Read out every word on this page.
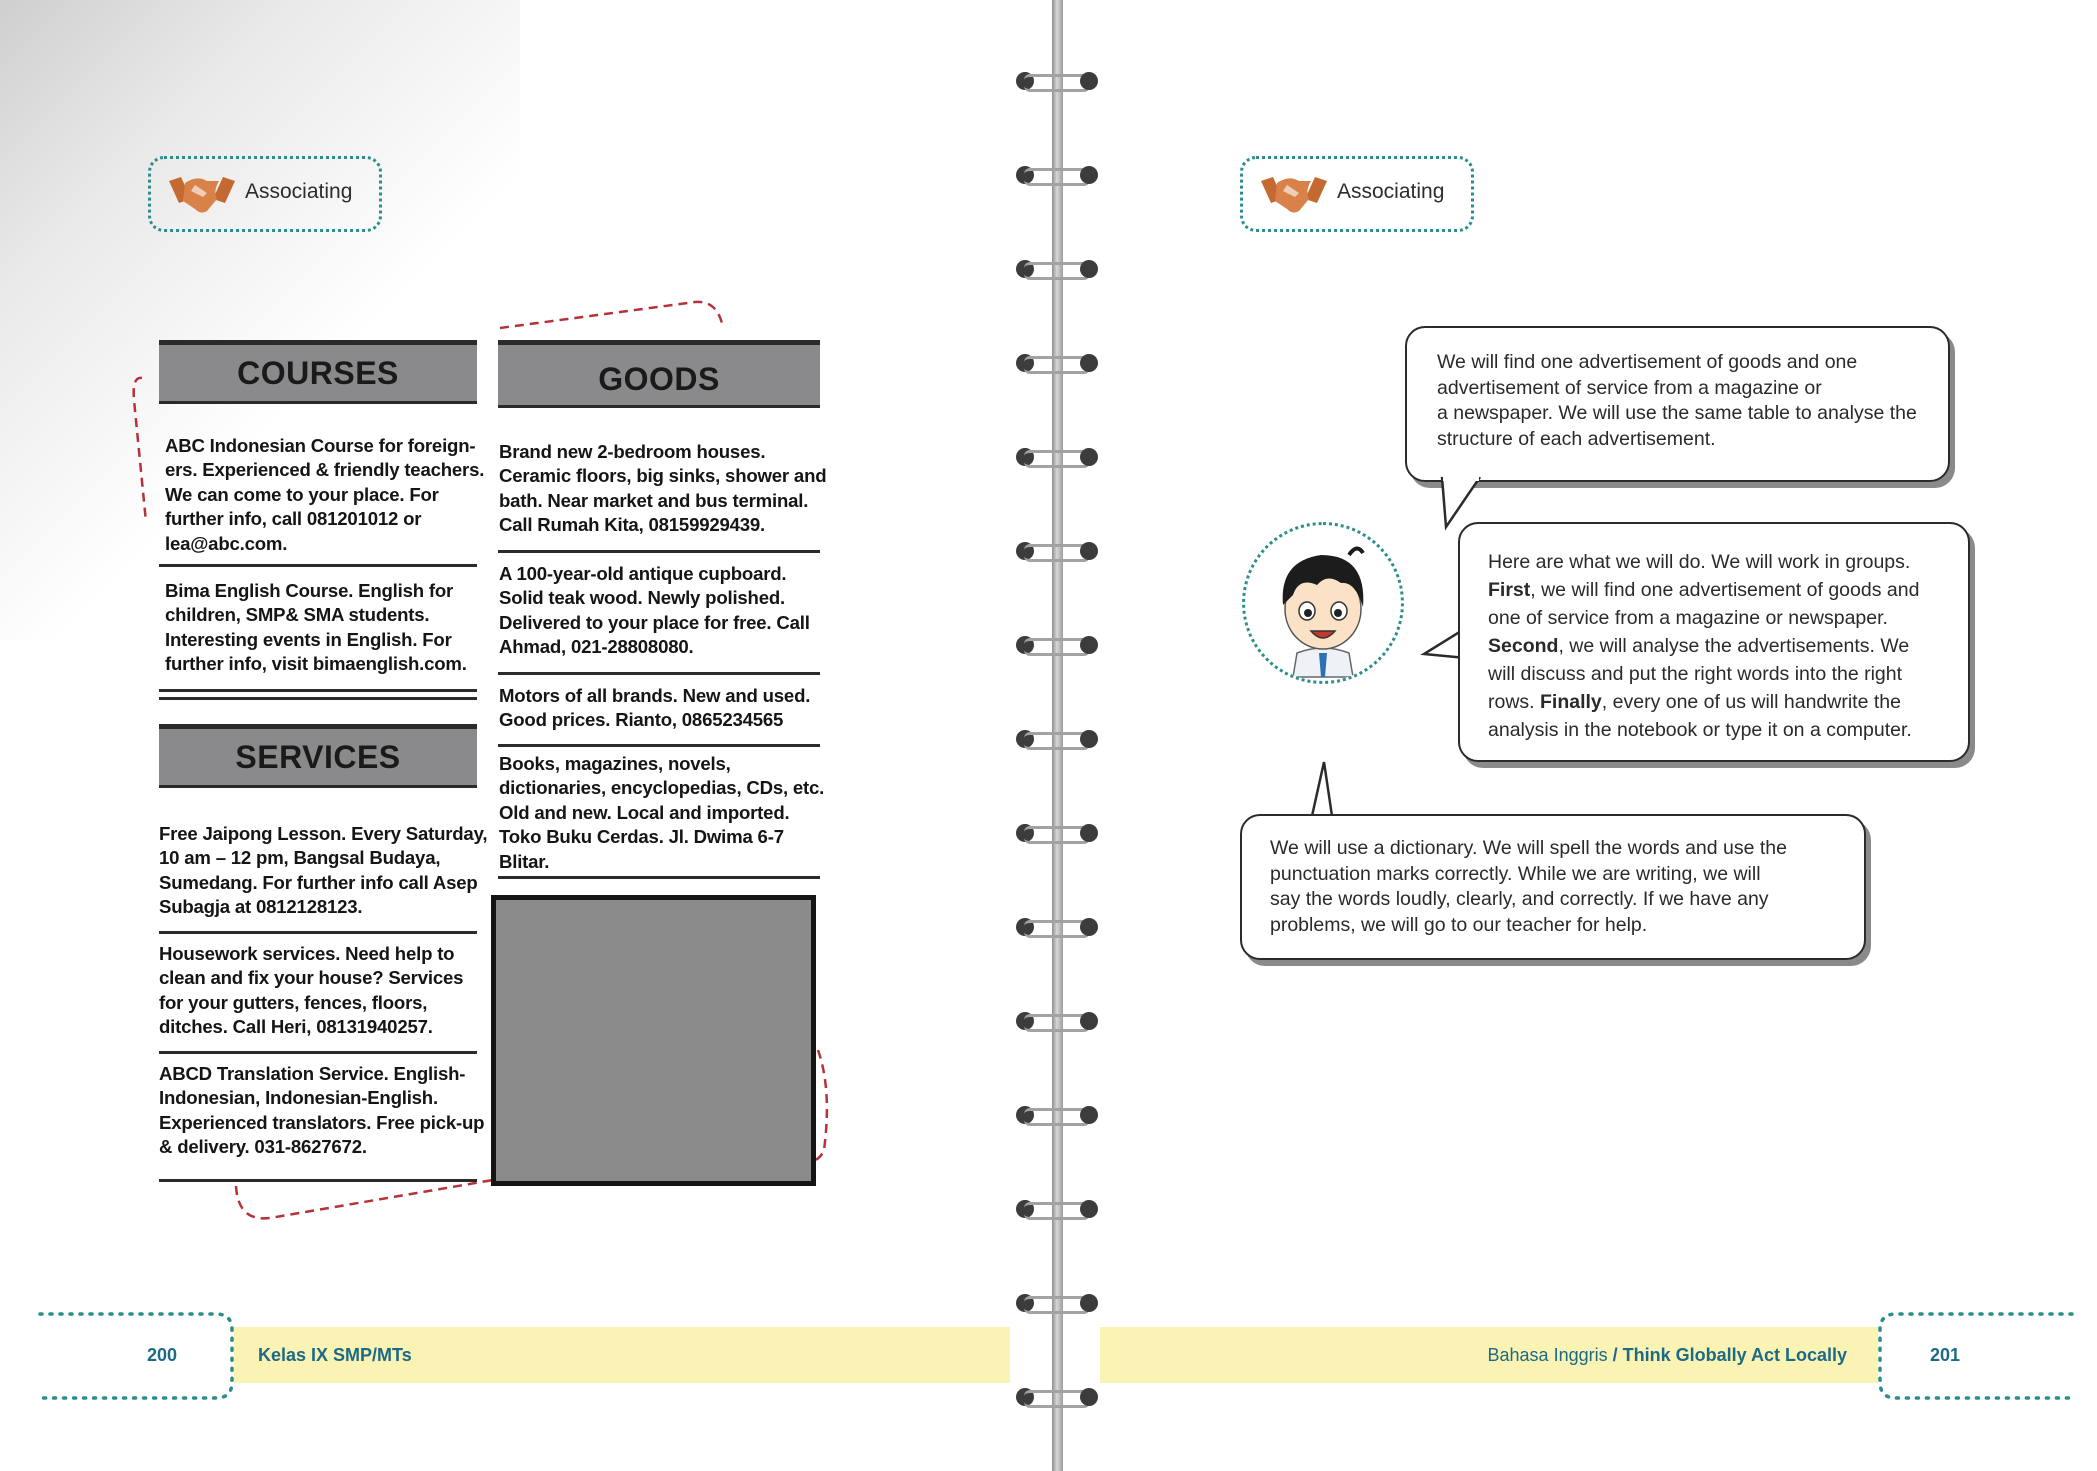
Associating
COURSES
ABC Indonesian Course for foreign-
ers. Experienced & friendly teachers.
We can come to your place. For
further info, call 081201012 or
lea@abc.com.
Bima English Course. English for
children, SMP& SMA students.
Interesting events in English. For
further info, visit bimaenglish.com.
SERVICES
Free Jaipong Lesson. Every Saturday,
10 am – 12 pm, Bangsal Budaya,
Sumedang. For further info call Asep
Subagja at 0812128123.
Housework services. Need help to
clean and fix your house? Services
for your gutters, fences, floors,
ditches. Call Heri, 08131940257.
ABCD Translation Service. English-
Indonesian, Indonesian-English.
Experienced translators. Free pick-up
& delivery. 031-8627672.
GOODS
Brand new 2-bedroom houses.
Ceramic floors, big sinks, shower and
bath. Near market and bus terminal.
Call Rumah Kita, 08159929439.
A 100-year-old antique cupboard.
Solid teak wood. Newly polished.
Delivered to your place for free. Call
Ahmad, 021-28808080.
Motors of all brands. New and used.
Good prices. Rianto, 0865234565
Books, magazines, novels,
dictionaries, encyclopedias, CDs, etc.
Old and new. Local and imported.
Toko Buku Cerdas. Jl. Dwima 6-7
Blitar.
200	Kelas IX SMP/MTs
Associating

We will find one advertisement of goods and one

advertisement of service from a magazine or

a newspaper. We will use the same table to analyse the

structure of each advertisement.

Here are what we will do. We will work in groups. First, we will find one advertisement of goods and one of service from a magazine or newspaper. Second, we will analyse the advertisements. We will discuss and put the right words into the right rows. Finally, every one of us will handwrite the analysis in the notebook or type it on a computer.

We will use a dictionary. We will spell the words and use the

punctuation marks correctly. While we are writing, we will

say the words loudly, clearly, and correctly. If we have any

problems, we will go to our teacher for help.

Bahasa Inggris / Think Globally Act Locally	201
